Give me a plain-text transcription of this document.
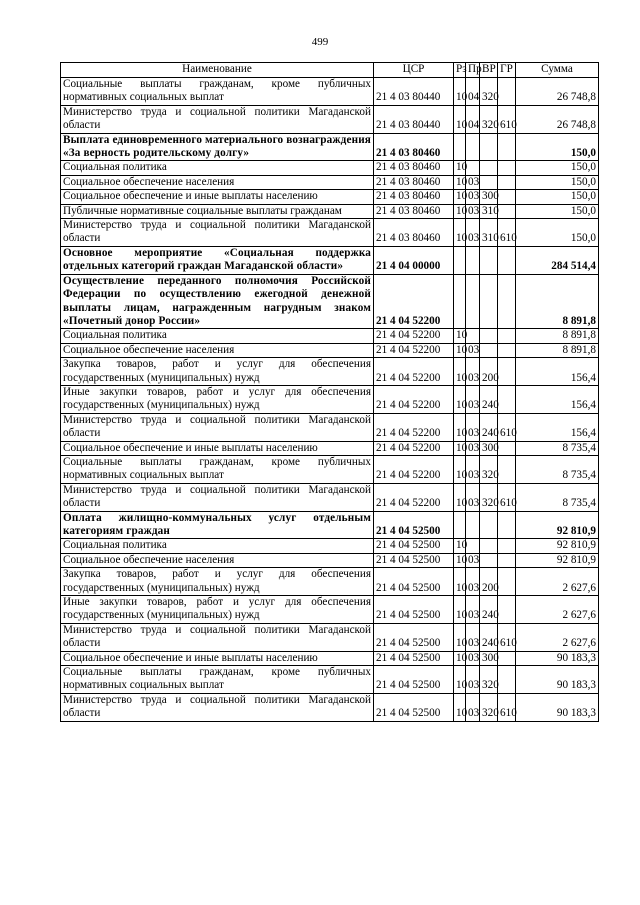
499
Наименование	ЦСР	Рз	Пр	ВР	ГР	Сумма
Социальные выплаты гражданам, кроме публичных нормативных социальных выплат	21 4 03 80440	10	04	320		26 748,8
Министерство труда и социальной политики Магаданской области	21 4 03 80440	10	04	320	610	26 748,8
Выплата единовременного материального вознаграждения «За верность родительскому долгу»	21 4 03 80460					150,0
Социальная политика	21 4 03 80460	10				150,0
Социальное обеспечение населения	21 4 03 80460	10	03			150,0
Социальное обеспечение и иные выплаты населению	21 4 03 80460	10	03	300		150,0
Публичные нормативные социальные выплаты гражданам	21 4 03 80460	10	03	310		150,0
Министерство труда и социальной политики Магаданской области	21 4 03 80460	10	03	310	610	150,0
Основное мероприятие «Социальная поддержка отдельных категорий граждан Магаданской области»	21 4 04 00000					284 514,4
Осуществление переданного полномочия Российской Федерации по осуществлению ежегодной денежной выплаты лицам, награжденным нагрудным знаком «Почетный донор России»	21 4 04 52200					8 891,8
Социальная политика	21 4 04 52200	10				8 891,8
Социальное обеспечение населения	21 4 04 52200	10	03			8 891,8
Закупка товаров, работ и услуг для обеспечения государственных (муниципальных) нужд	21 4 04 52200	10	03	200		156,4
Иные закупки товаров, работ и услуг для обеспечения государственных (муниципальных) нужд	21 4 04 52200	10	03	240		156,4
Министерство труда и социальной политики Магаданской области	21 4 04 52200	10	03	240	610	156,4
Социальное обеспечение и иные выплаты населению	21 4 04 52200	10	03	300		8 735,4
Социальные выплаты гражданам, кроме публичных нормативных социальных выплат	21 4 04 52200	10	03	320		8 735,4
Министерство труда и социальной политики Магаданской области	21 4 04 52200	10	03	320	610	8 735,4
Оплата жилищно-коммунальных услуг отдельным категориям граждан	21 4 04 52500					92 810,9
Социальная политика	21 4 04 52500	10				92 810,9
Социальное обеспечение населения	21 4 04 52500	10	03			92 810,9
Закупка товаров, работ и услуг для обеспечения государственных (муниципальных) нужд	21 4 04 52500	10	03	200		2 627,6
Иные закупки товаров, работ и услуг для обеспечения государственных (муниципальных) нужд	21 4 04 52500	10	03	240		2 627,6
Министерство труда и социальной политики Магаданской области	21 4 04 52500	10	03	240	610	2 627,6
Социальное обеспечение и иные выплаты населению	21 4 04 52500	10	03	300		90 183,3
Социальные выплаты гражданам, кроме публичных нормативных социальных выплат	21 4 04 52500	10	03	320		90 183,3
Министерство труда и социальной политики Магаданской области	21 4 04 52500	10	03	320	610	90 183,3
